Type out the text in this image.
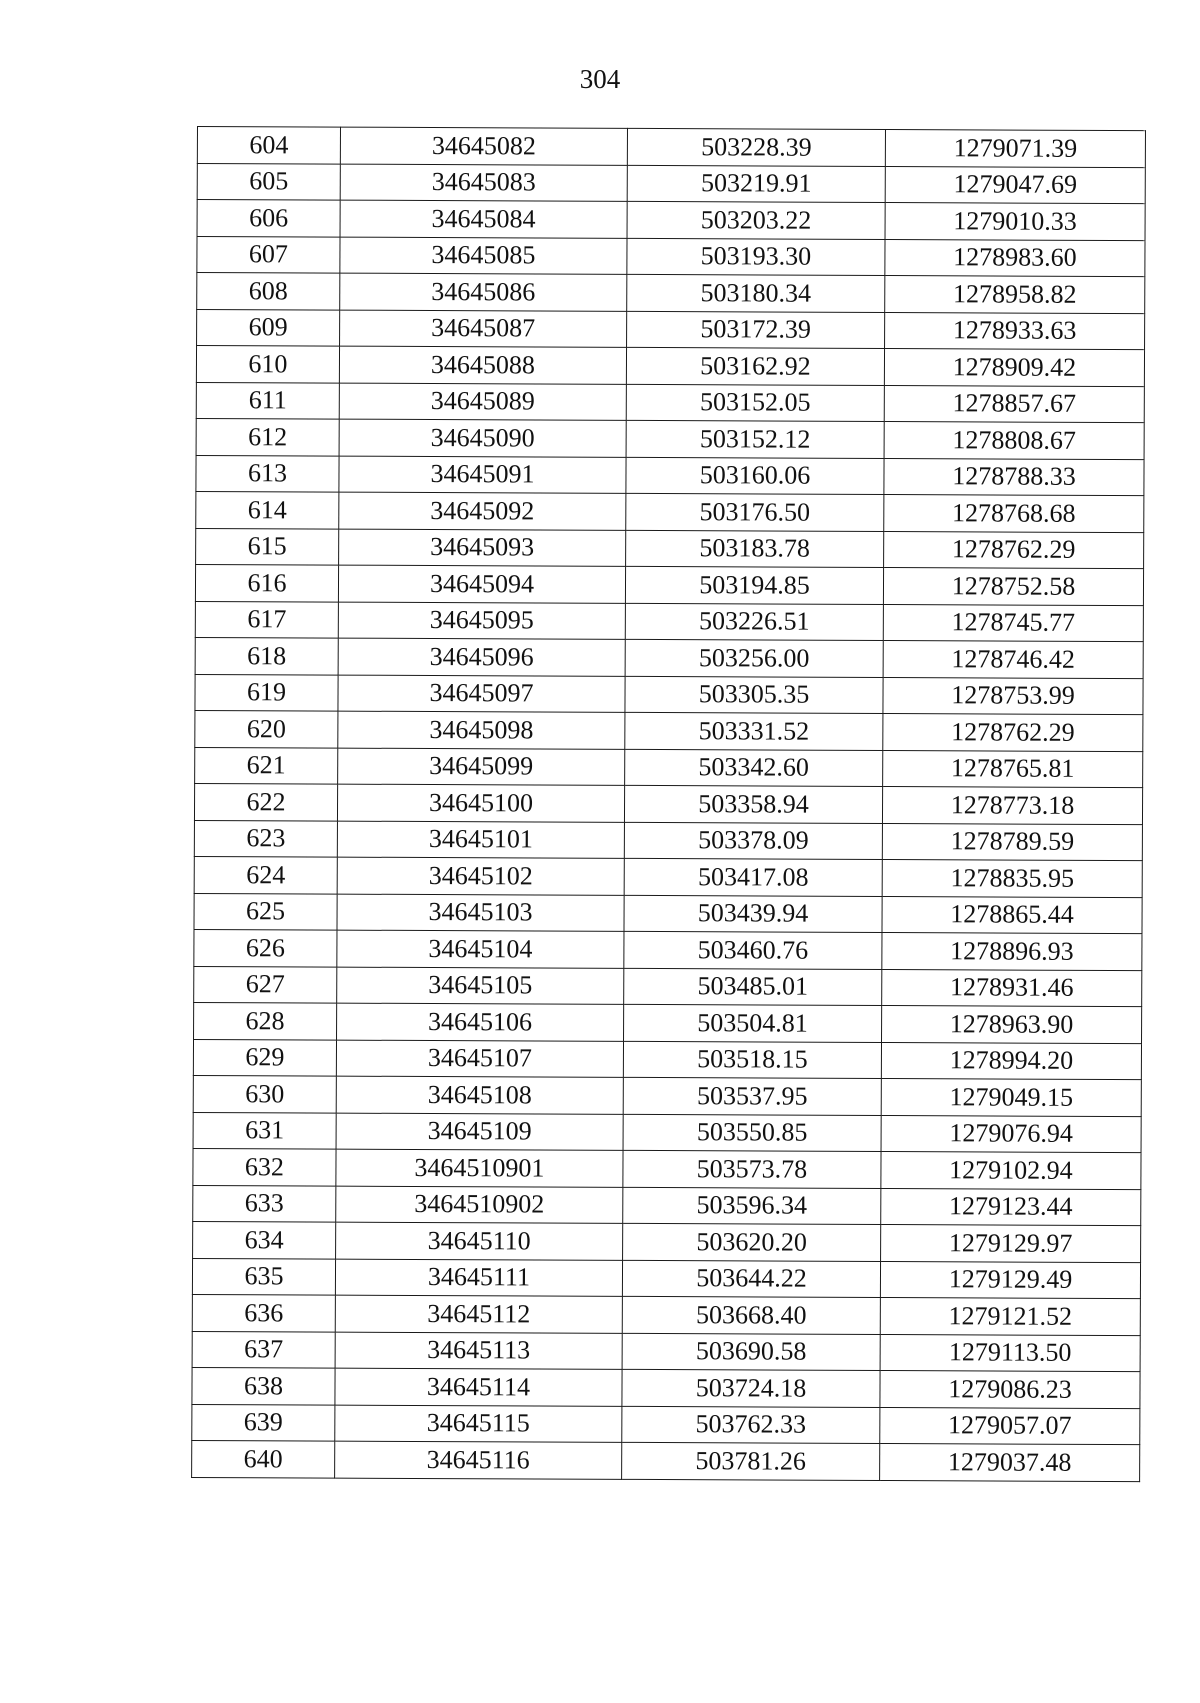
304
604	34645082	503228.39	1279071.39
605	34645083	503219.91	1279047.69
606	34645084	503203.22	1279010.33
607	34645085	503193.30	1278983.60
608	34645086	503180.34	1278958.82
609	34645087	503172.39	1278933.63
610	34645088	503162.92	1278909.42
611	34645089	503152.05	1278857.67
612	34645090	503152.12	1278808.67
613	34645091	503160.06	1278788.33
614	34645092	503176.50	1278768.68
615	34645093	503183.78	1278762.29
616	34645094	503194.85	1278752.58
617	34645095	503226.51	1278745.77
618	34645096	503256.00	1278746.42
619	34645097	503305.35	1278753.99
620	34645098	503331.52	1278762.29
621	34645099	503342.60	1278765.81
622	34645100	503358.94	1278773.18
623	34645101	503378.09	1278789.59
624	34645102	503417.08	1278835.95
625	34645103	503439.94	1278865.44
626	34645104	503460.76	1278896.93
627	34645105	503485.01	1278931.46
628	34645106	503504.81	1278963.90
629	34645107	503518.15	1278994.20
630	34645108	503537.95	1279049.15
631	34645109	503550.85	1279076.94
632	3464510901	503573.78	1279102.94
633	3464510902	503596.34	1279123.44
634	34645110	503620.20	1279129.97
635	34645111	503644.22	1279129.49
636	34645112	503668.40	1279121.52
637	34645113	503690.58	1279113.50
638	34645114	503724.18	1279086.23
639	34645115	503762.33	1279057.07
640	34645116	503781.26	1279037.48
